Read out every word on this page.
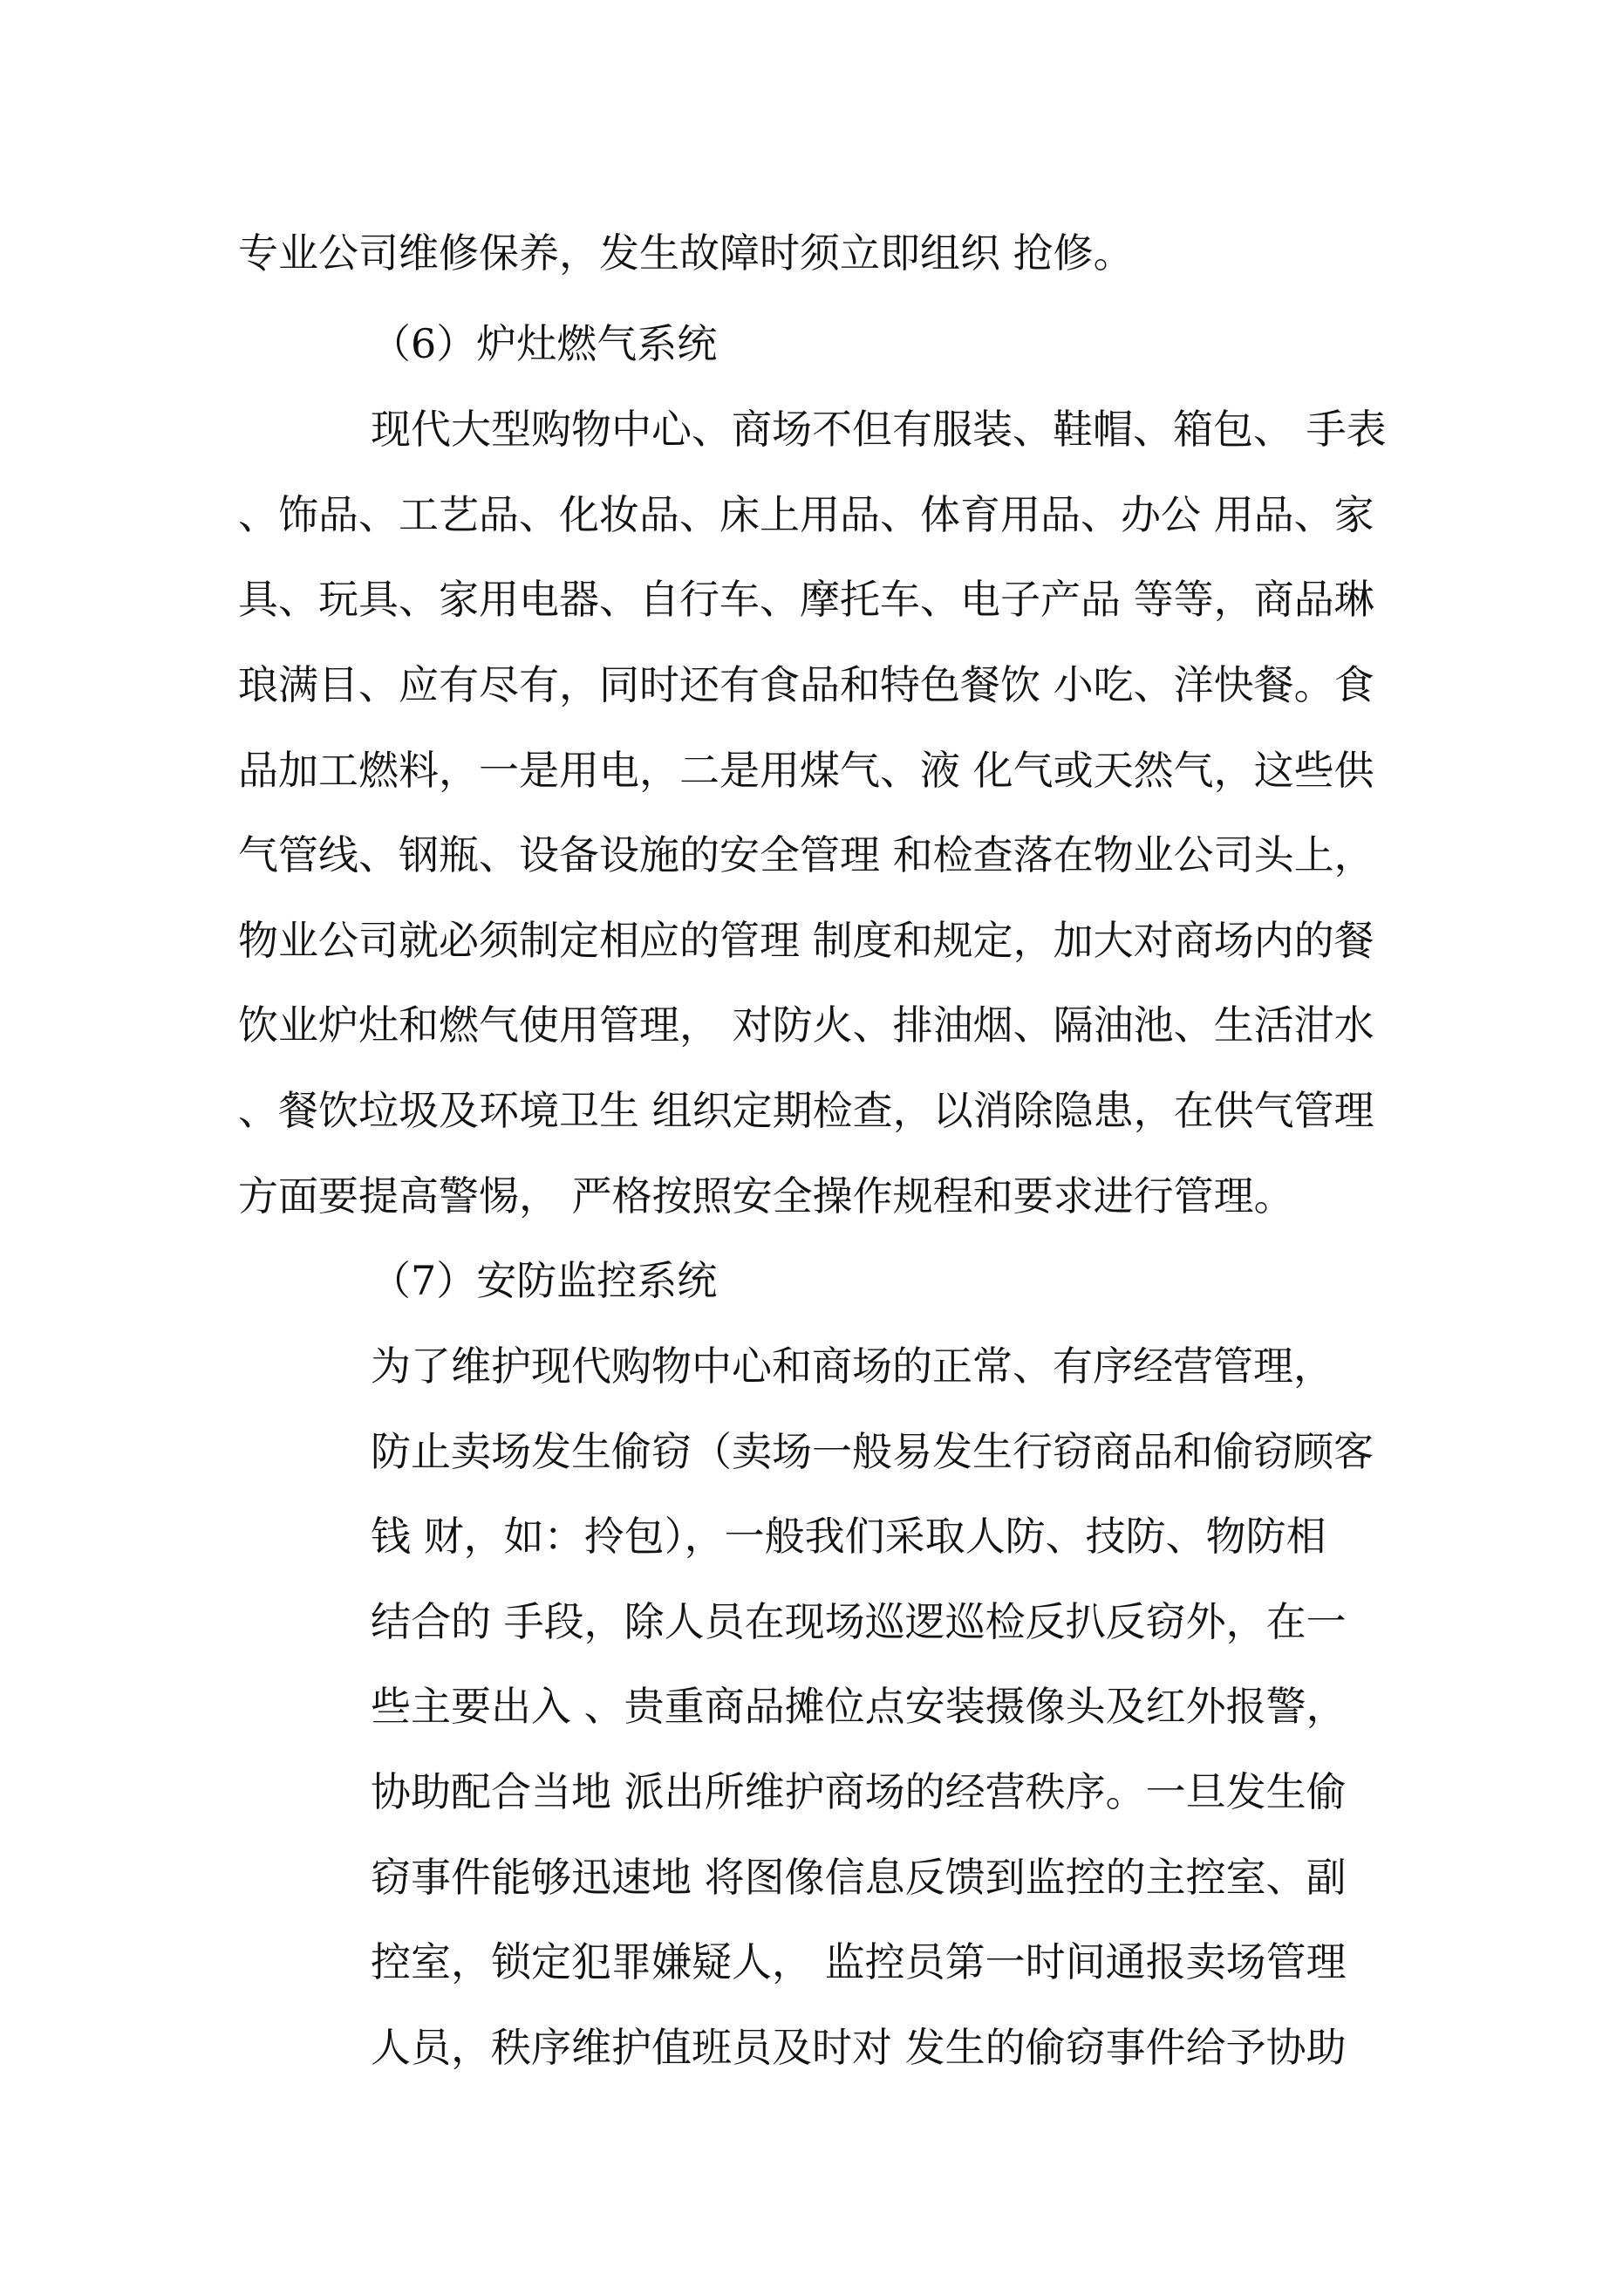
专业公司维修保养，发生故障时须立即组织 抢修。
（6）炉灶燃气系统
现代大型购物中心、商场不但有服装、鞋帽、箱包、 手表
、饰品、工艺品、化妆品、床上用品、体育用品、办公 用品、家
具、玩具、家用电器、自行车、摩托车、电子产品 等等，商品琳
琅满目、应有尽有，同时还有食品和特色餐饮 小吃、洋快餐。食
品加工燃料，一是用电，二是用煤气、液 化气或天然气，这些供
气管线、钢瓶、设备设施的安全管理 和检查落在物业公司头上，
物业公司就必须制定相应的管理 制度和规定，加大对商场内的餐
饮业炉灶和燃气使用管理， 对防火、排油烟、隔油池、生活泔水
、餐饮垃圾及环境卫生 组织定期检查，以消除隐患，在供气管理
方面要提高警惕， 严格按照安全操作规程和要求进行管理。
（7）安防监控系统
为了维护现代购物中心和商场的正常、有序经营管理，
防止卖场发生偷窃（卖场一般易发生行窃商品和偷窃顾客
钱 财，如：拎包），一般我们采取人防、技防、物防相
结合的 手段，除人员在现场巡逻巡检反扒反窃外，在一
些主要出入 、贵重商品摊位点安装摄像头及红外报警，
协助配合当地 派出所维护商场的经营秩序。一旦发生偷
窃事件能够迅速地 将图像信息反馈到监控的主控室、副
控室，锁定犯罪嫌疑人， 监控员第一时间通报卖场管理
人员，秩序维护值班员及时对 发生的偷窃事件给予协助
